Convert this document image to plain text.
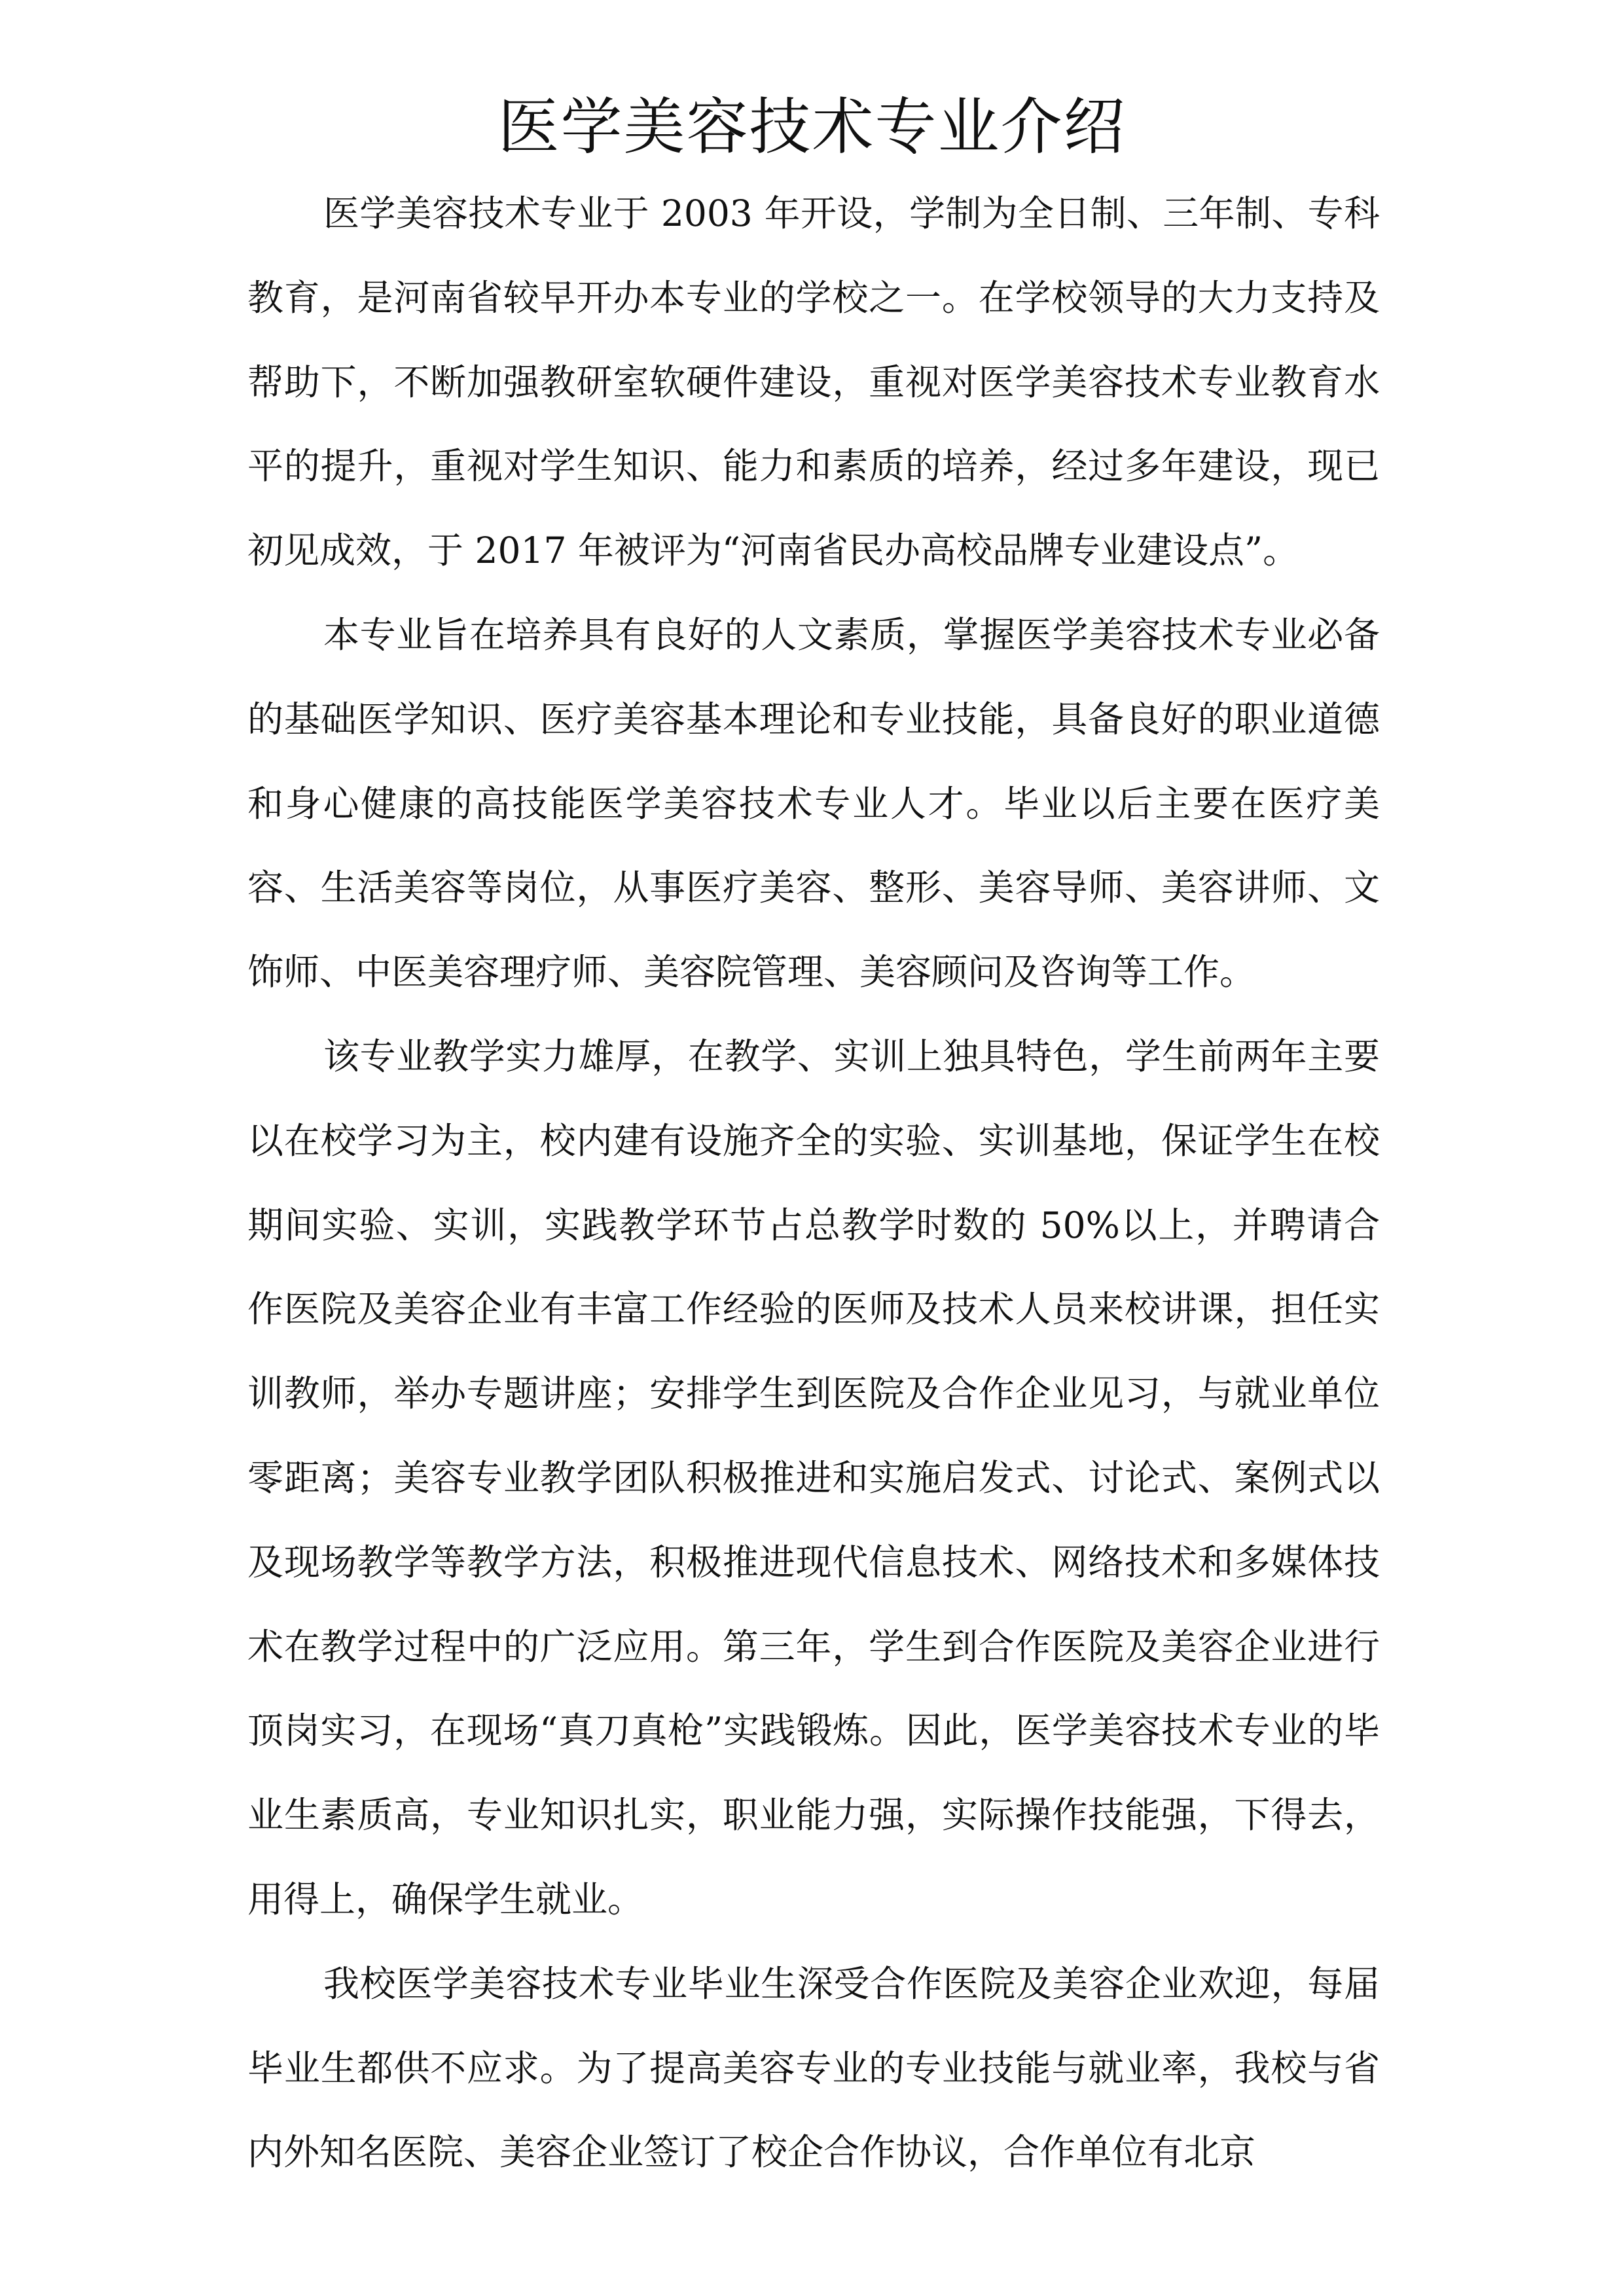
医学美容技术专业介绍

医学美容技术专业于 2003 年开设，学制为全日制、三年制、专科教育，是河南省较早开办本专业的学校之一。在学校领导的大力支持及帮助下，不断加强教研室软硬件建设，重视对医学美容技术专业教育水平的提升，重视对学生知识、能力和素质的培养，经过多年建设，现已初见成效，于 2017 年被评为“河南省民办高校品牌专业建设点”。

本专业旨在培养具有良好的人文素质，掌握医学美容技术专业必备的基础医学知识、医疗美容基本理论和专业技能，具备良好的职业道德和身心健康的高技能医学美容技术专业人才。毕业以后主要在医疗美容、生活美容等岗位，从事医疗美容、整形、美容导师、美容讲师、文饰师、中医美容理疗师、美容院管理、美容顾问及咨询等工作。

该专业教学实力雄厚，在教学、实训上独具特色，学生前两年主要以在校学习为主，校内建有设施齐全的实验、实训基地，保证学生在校期间实验、实训，实践教学环节占总教学时数的 50%以上，并聘请合作医院及美容企业有丰富工作经验的医师及技术人员来校讲课，担任实训教师，举办专题讲座；安排学生到医院及合作企业见习，与就业单位零距离；美容专业教学团队积极推进和实施启发式、讨论式、案例式以及现场教学等教学方法，积极推进现代信息技术、网络技术和多媒体技术在教学过程中的广泛应用。第三年，学生到合作医院及美容企业进行顶岗实习，在现场“真刀真枪”实践锻炼。因此，医学美容技术专业的毕业生素质高，专业知识扎实，职业能力强，实际操作技能强，下得去，用得上，确保学生就业。

我校医学美容技术专业毕业生深受合作医院及美容企业欢迎，每届毕业生都供不应求。为了提高美容专业的专业技能与就业率，我校与省内外知名医院、美容企业签订了校企合作协议，合作单位有北京
